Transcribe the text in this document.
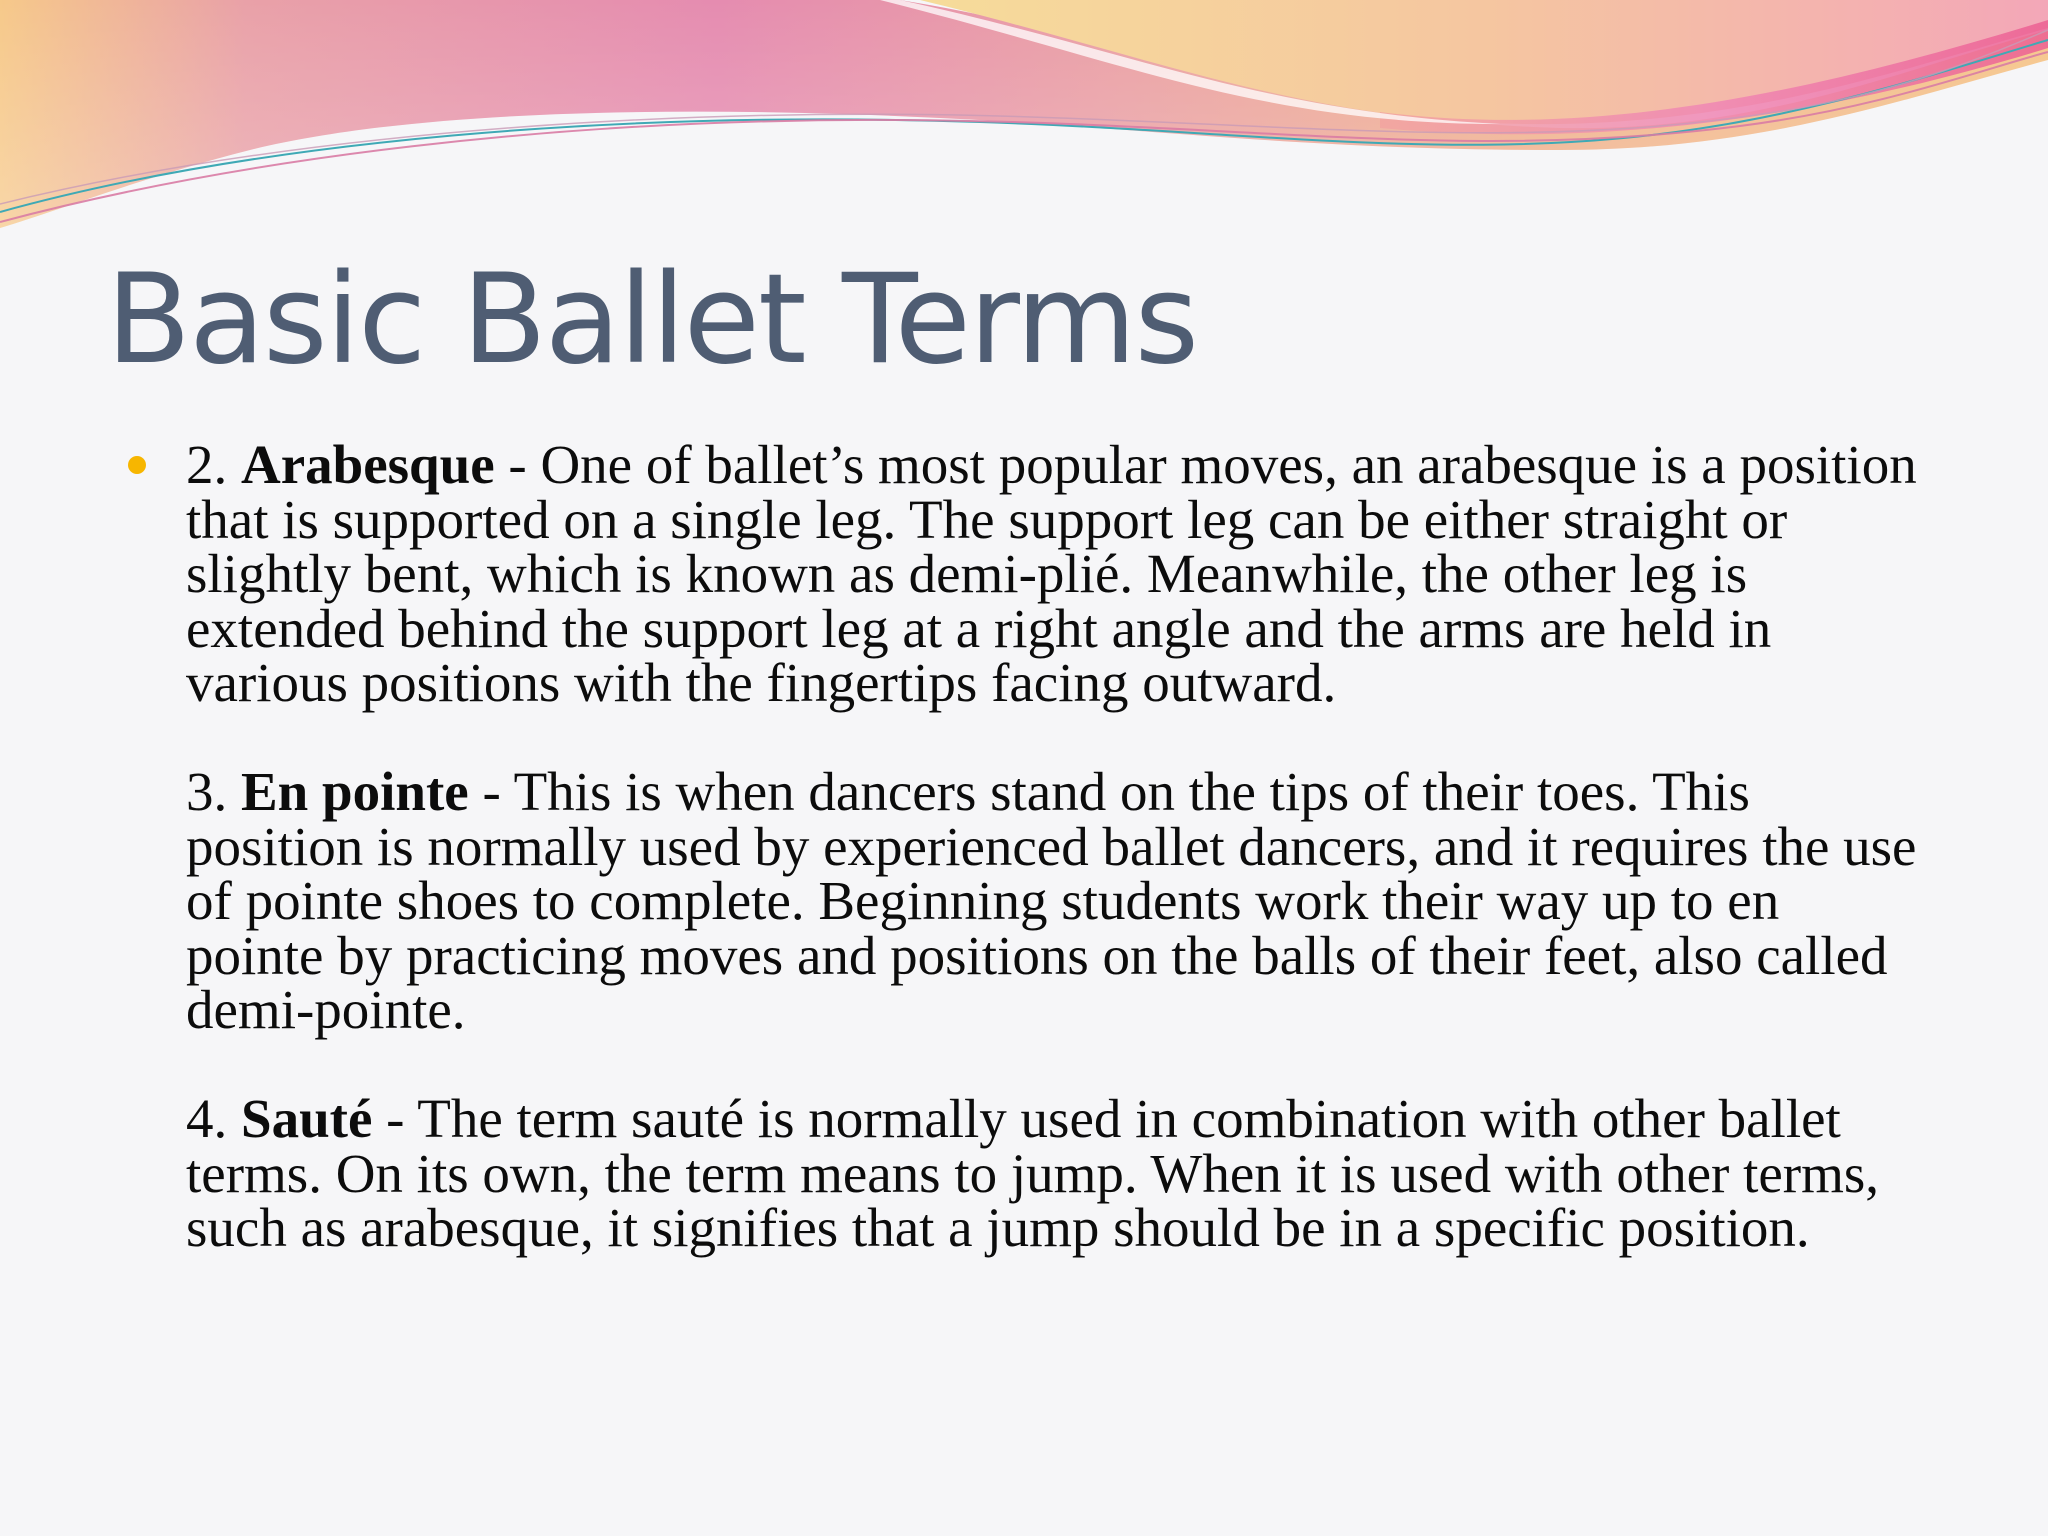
Basic Ballet Terms

2. Arabesque - One of ballet’s most popular moves, an arabesque is a position that is supported on a single leg. The support leg can be either straight or slightly bent, which is known as demi-plié. Meanwhile, the other leg is extended behind the support leg at a right angle and the arms are held in various positions with the fingertips facing outward.

3. En pointe - This is when dancers stand on the tips of their toes. This position is normally used by experienced ballet dancers, and it requires the use of pointe shoes to complete. Beginning students work their way up to en pointe by practicing moves and positions on the balls of their feet, also called demi-pointe.

4. Sauté - The term sauté is normally used in combination with other ballet terms. On its own, the term means to jump. When it is used with other terms, such as arabesque, it signifies that a jump should be in a specific position.
